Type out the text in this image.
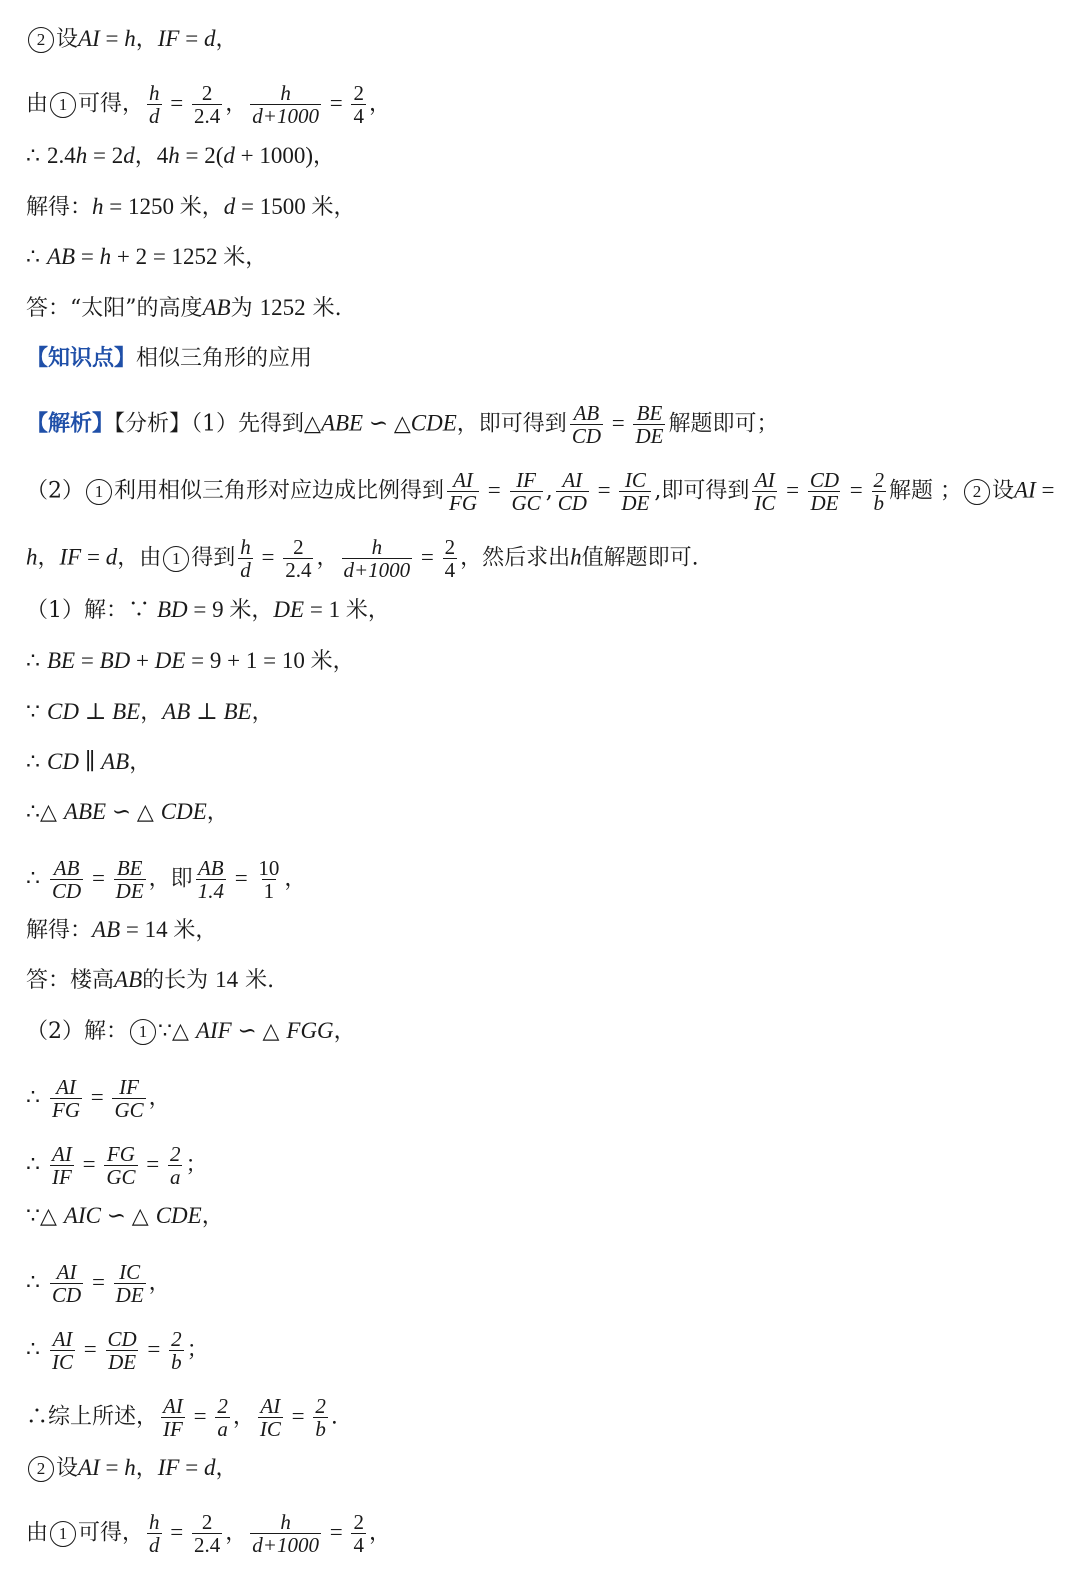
2 设AI = h，IF = d，
由 1 可得， $\frac{h}{d} = \frac{2}{2.4}$ ， $\frac{h}{d+1000} = \frac{2}{4}$ ，
∴ 2.4h = 2d，4h = 2(d + 1000)，
解得：h = 1250 米，d = 1500 米，
∴ AB = h + 2 = 1252 米，
答：“太阳”的高度AB为 1252 米.
【知识点】相似三角形的应用
【解析】【分析】（1）先得到△ABE ∽ △CDE，即可得到 $\frac{AB}{CD} = \frac{BE}{DE}$ 解题即可；
（2） 1 利用相似三角形对应边成比例得到 $\frac{AI}{FG} = \frac{IF}{GC}$ , $\frac{AI}{CD} = \frac{IC}{DE}$ ,即可得到 $\frac{AI}{IC} = \frac{CD}{DE} = \frac{2}{b}$ 解题 ； 2 设AI =
h，IF = d，由 1 得到 $\frac{h}{d} = \frac{2}{2.4}$ ， $\frac{h}{d+1000} = \frac{2}{4}$ ，然后求出h值解题即可.
（1）解：∵ BD = 9 米，DE = 1 米，
∴ BE = BD + DE = 9 + 1 = 10 米，
∵ CD ⊥ BE，AB ⊥ BE，
∴ CD ∥ AB，
∴△ ABE ∽ △ CDE，
∴ $\frac{AB}{CD} = \frac{BE}{DE}$ ，即 $\frac{AB}{1.4} = \frac{10}{1}$ ，
解得：AB = 14 米，
答：楼高AB的长为 14 米.
（2）解： 1 ∵△ AIF ∽ △ FGG，
∴ $\frac{AI}{FG} = \frac{IF}{GC}$ ，
∴ $\frac{AI}{IF} = \frac{FG}{GC} = \frac{2}{a}$ ；
∵△ AIC ∽ △ CDE，
∴ $\frac{AI}{CD} = \frac{IC}{DE}$ ，
∴ $\frac{AI}{IC} = \frac{CD}{DE} = \frac{2}{b}$ ；
∴综上所述， $\frac{AI}{IF} = \frac{2}{a}$ ， $\frac{AI}{IC} = \frac{2}{b}$ .
2 设AI = h，IF = d，
由 1 可得， $\frac{h}{d} = \frac{2}{2.4}$ ， $\frac{h}{d+1000} = \frac{2}{4}$ ，
